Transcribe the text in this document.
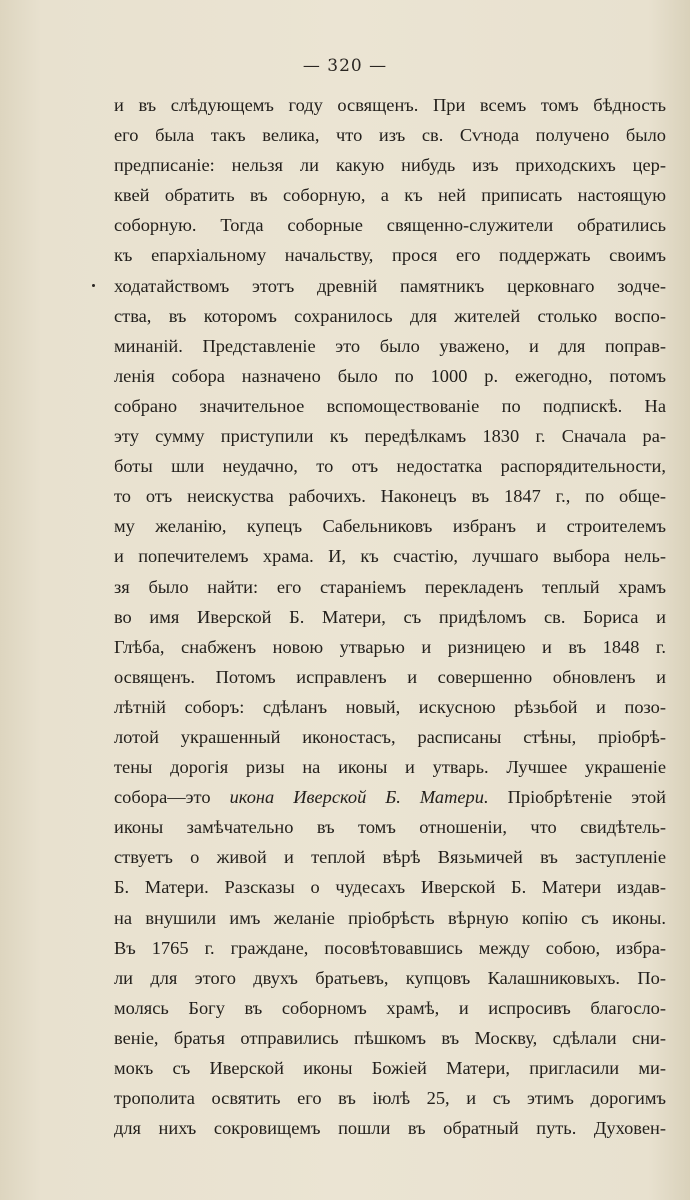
— 320 —
и въ слѣдующемъ году освященъ. При всемъ томъ бѣдность
его была такъ велика, что изъ св. Сѵнода получено было
предписаніе: нельзя ли какую нибудь изъ приходскихъ цер-
квей обратить въ соборную, а къ ней приписать настоящую
соборную. Тогда соборные священно-служители обратились
къ епархіальному начальству, прося его поддержать своимъ
ходатайствомъ этотъ древній памятникъ церковнаго зодче-
ства, въ которомъ сохранилось для жителей столько воспо-
минаній. Представленіе это было уважено, и для поправ-
ленія собора назначено было по 1000 р. ежегодно, потомъ
собрано значительное вспомоществованіе по подпискѣ. На
эту сумму приступили къ передѣлкамъ 1830 г. Сначала ра-
боты шли неудачно, то отъ недостатка распорядительности,
то отъ неискуства рабочихъ. Наконецъ въ 1847 г., по обще-
му желанію, купецъ Сабельниковъ избранъ и строителемъ
и попечителемъ храма. И, къ счастію, лучшаго выбора нель-
зя было найти: его стараніемъ перекладенъ теплый храмъ
во имя Иверской Б. Матери, съ придѣломъ св. Бориса и
Глѣба, снабженъ новою утварью и ризницею и въ 1848 г.
освященъ. Потомъ исправленъ и совершенно обновленъ и
лѣтній соборъ: сдѣланъ новый, искусною рѣзьбой и позо-
лотой украшенный иконостасъ, расписаны стѣны, пріобрѣ-
тены дорогія ризы на иконы и утварь. Лучшее украшеніе
собора—это икона Иверской Б. Матери. Пріобрѣтеніе этой
иконы замѣчательно въ томъ отношеніи, что свидѣтель-
ствуетъ о живой и теплой вѣрѣ Вязьмичей въ заступленіе
Б. Матери. Разсказы о чудесахъ Иверской Б. Матери издав-
на внушили имъ желаніе пріобрѣсть вѣрную копію съ иконы.
Въ 1765 г. граждане, посовѣтовавшись между собою, избра-
ли для этого двухъ братьевъ, купцовъ Калашниковыхъ. По-
молясь Богу въ соборномъ храмѣ, и испросивъ благосло-
веніе, братья отправились пѣшкомъ въ Москву, сдѣлали сни-
мокъ съ Иверской иконы Божіей Матери, пригласили ми-
трополита освятить его въ іюлѣ 25, и съ этимъ дорогимъ
для нихъ сокровищемъ пошли въ обратный путь. Духовен-
